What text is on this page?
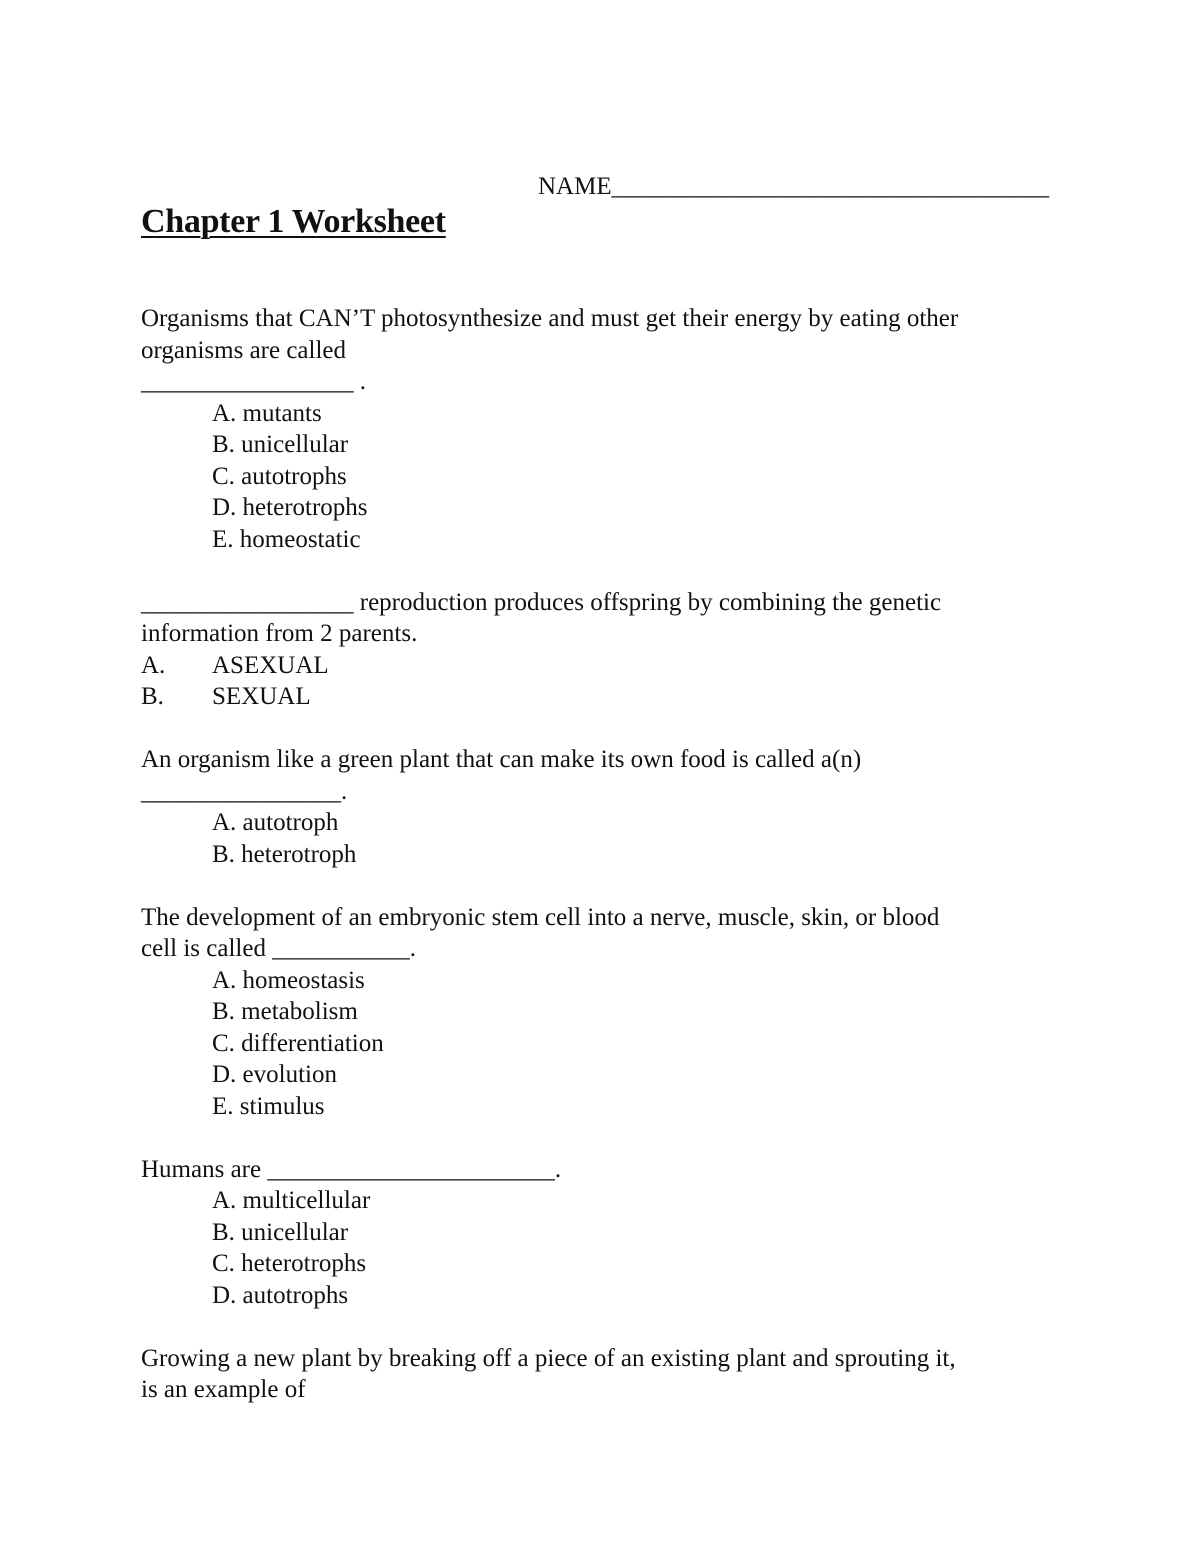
NAME___________________________________
Chapter 1 Worksheet

Organisms that CAN’T photosynthesize and must get their energy by eating other

organisms are called

_________________ .

A. mutants
B. unicellular
C. autotrophs
D. heterotrophs
E. homeostatic

_________________ reproduction produces offspring by combining the genetic

information from 2 parents.

A.	ASEXUAL
B.	SEXUAL

An organism like a green plant that can make its own food is called a(n)

________________.

A. autotroph
B. heterotroph

The development of an embryonic stem cell into a nerve, muscle, skin, or blood

cell is called ___________.

A. homeostasis
B. metabolism
C. differentiation
D. evolution
E. stimulus

Humans are _______________________.

A. multicellular
B. unicellular
C. heterotrophs
D. autotrophs

Growing a new plant by breaking off a piece of an existing plant and sprouting it,

is an example of
